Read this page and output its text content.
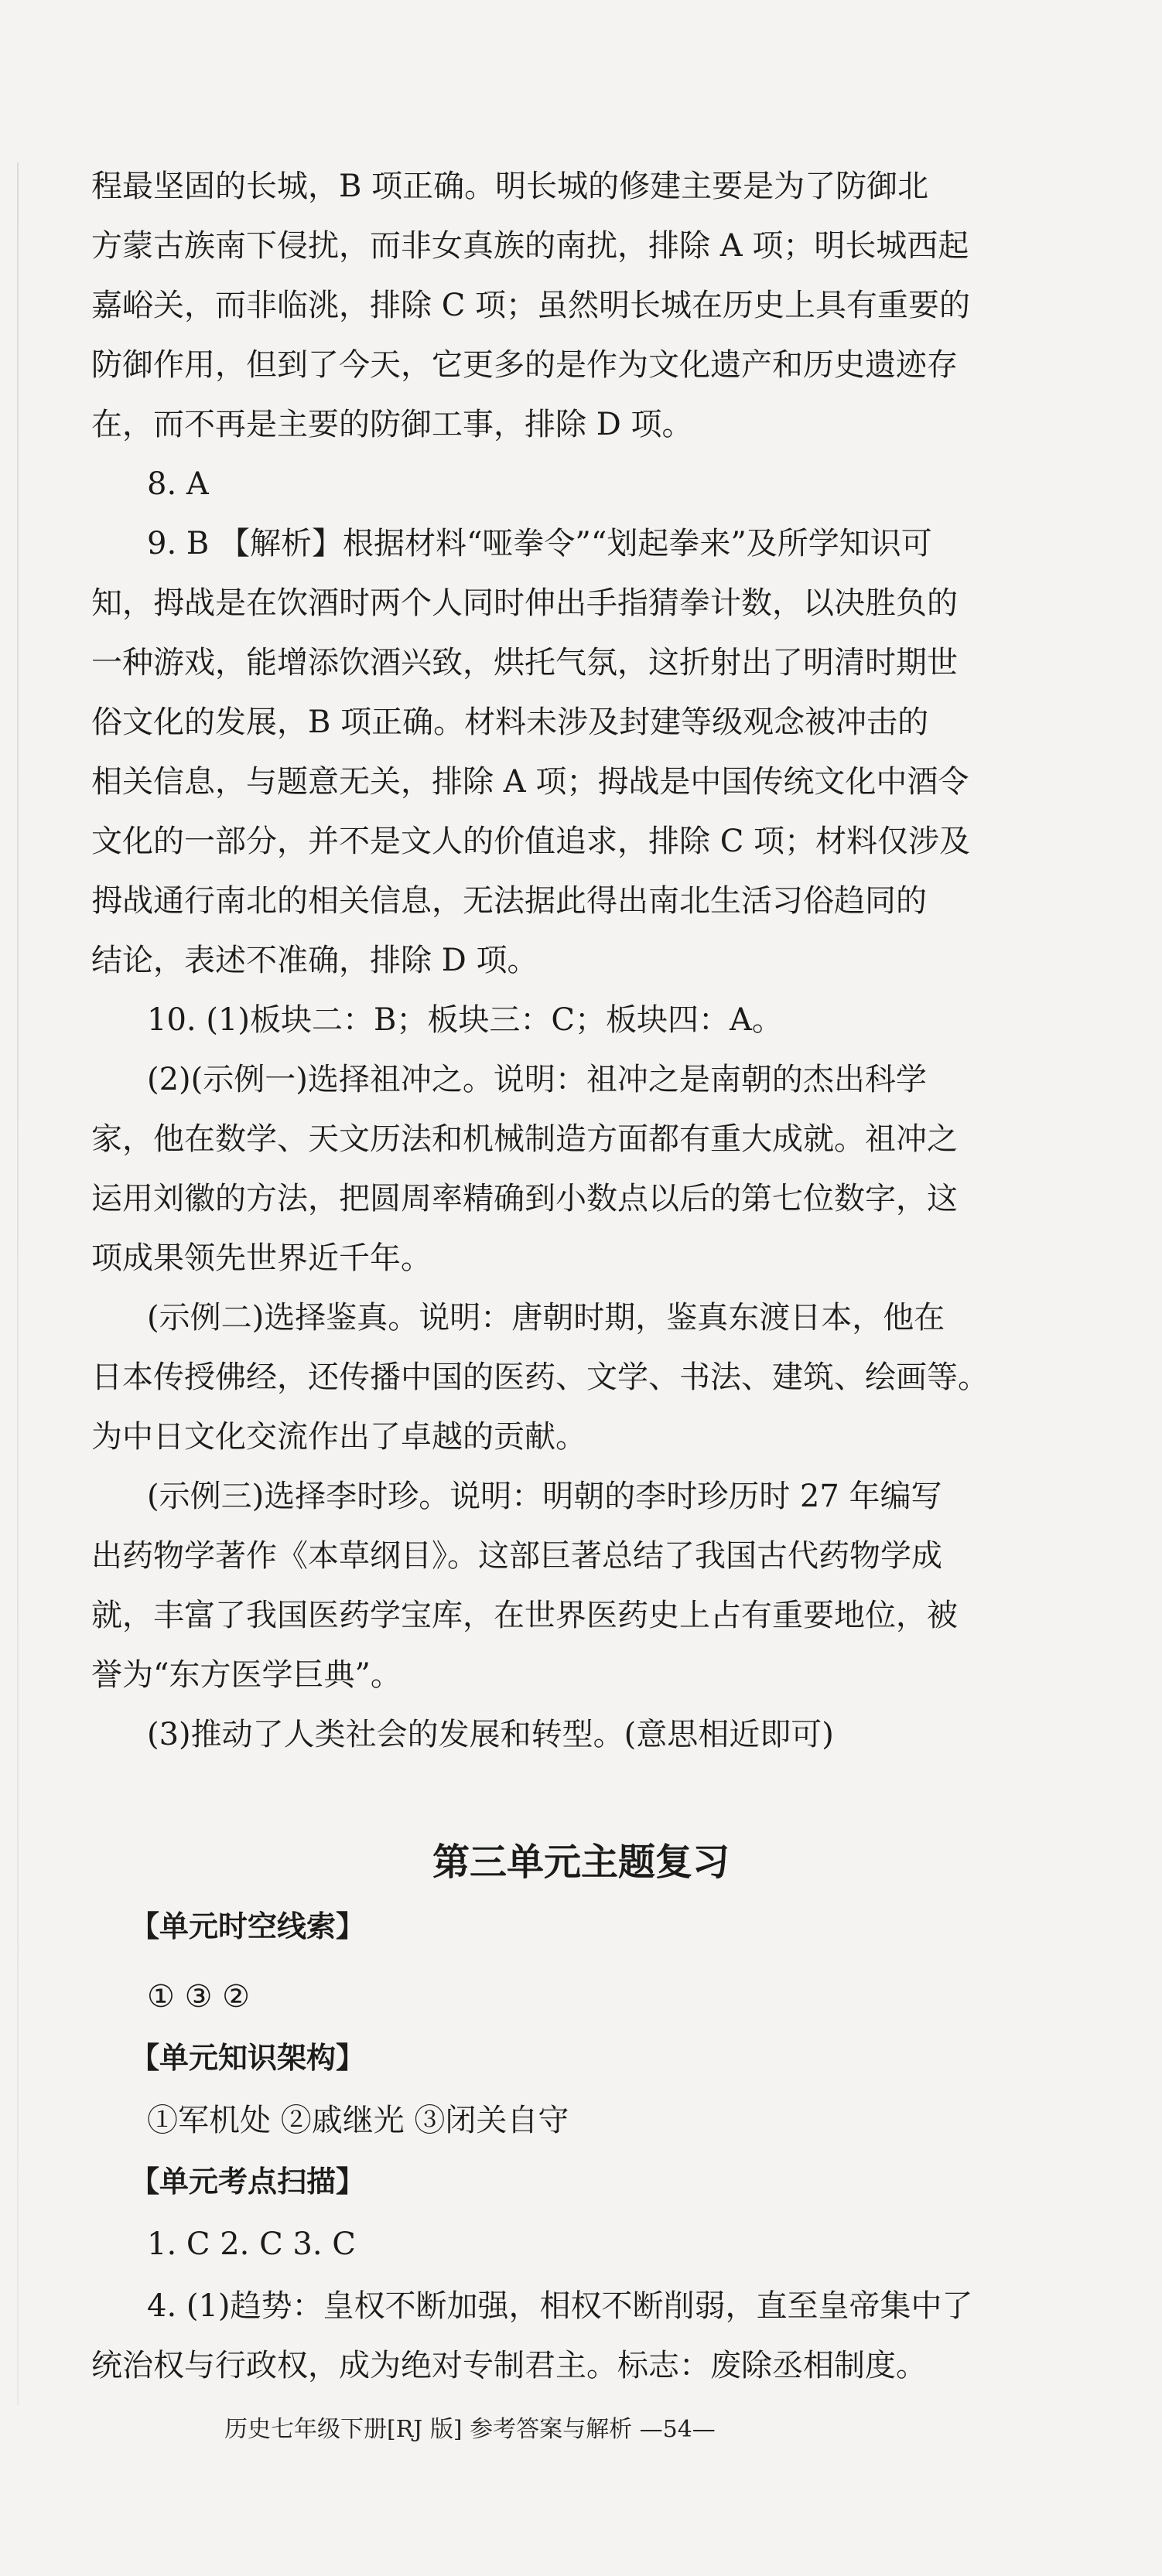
程最坚固的长城，B 项正确。明长城的修建主要是为了防御北
方蒙古族南下侵扰，而非女真族的南扰，排除 A 项；明长城西起
嘉峪关，而非临洮，排除 C 项；虽然明长城在历史上具有重要的
防御作用，但到了今天，它更多的是作为文化遗产和历史遗迹存
在，而不再是主要的防御工事，排除 D 项。
8. A
9. B 【解析】根据材料“哑拳令”“划起拳来”及所学知识可
知，拇战是在饮酒时两个人同时伸出手指猜拳计数，以决胜负的
一种游戏，能增添饮酒兴致，烘托气氛，这折射出了明清时期世
俗文化的发展，B 项正确。材料未涉及封建等级观念被冲击的
相关信息，与题意无关，排除 A 项；拇战是中国传统文化中酒令
文化的一部分，并不是文人的价值追求，排除 C 项；材料仅涉及
拇战通行南北的相关信息，无法据此得出南北生活习俗趋同的
结论，表述不准确，排除 D 项。
10. (1)板块二：B；板块三：C；板块四：A。
(2)(示例一)选择祖冲之。说明：祖冲之是南朝的杰出科学
家，他在数学、天文历法和机械制造方面都有重大成就。祖冲之
运用刘徽的方法，把圆周率精确到小数点以后的第七位数字，这
项成果领先世界近千年。
(示例二)选择鉴真。说明：唐朝时期，鉴真东渡日本，他在
日本传授佛经，还传播中国的医药、文学、书法、建筑、绘画等。
为中日文化交流作出了卓越的贡献。
(示例三)选择李时珍。说明：明朝的李时珍历时 27 年编写
出药物学著作《本草纲目》。这部巨著总结了我国古代药物学成
就，丰富了我国医药学宝库，在世界医药史上占有重要地位，被
誉为“东方医学巨典”。
(3)推动了人类社会的发展和转型。(意思相近即可)
第三单元主题复习
【单元时空线索】
① ③ ②
【单元知识架构】
①军机处 ②戚继光 ③闭关自守
【单元考点扫描】
1. C 2. C 3. C
4. (1)趋势：皇权不断加强，相权不断削弱，直至皇帝集中了
统治权与行政权，成为绝对专制君主。标志：废除丞相制度。
历史七年级下册[RJ 版] 参考答案与解析 —54—
